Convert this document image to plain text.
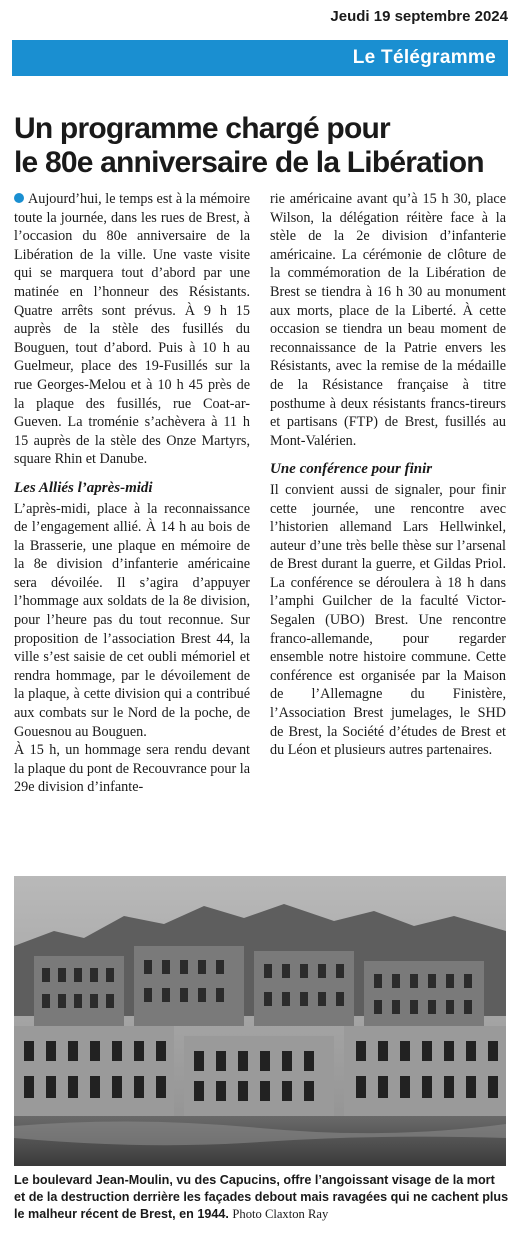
Jeudi 19 septembre 2024
Le Télégramme
Un programme chargé pour
le 80e anniversaire de la Libération

Aujourd’hui, le temps est à la mémoire toute la journée, dans les rues de Brest, à l’occasion du 80e anniversaire de la Libération de la ville. Une vaste visite qui se marquera tout d’abord par une matinée en l’honneur des Résistants. Quatre arrêts sont prévus. À 9 h 15 auprès de la stèle des fusillés du Bouguen, tout d’abord. Puis à 10 h au Guelmeur, place des 19-Fusillés sur la rue Georges-Melou et à 10 h 45 près de la plaque des fusillés, rue Coat-ar-Gueven. La troménie s’achèvera à 11 h 15 auprès de la stèle des Onze Martyrs, square Rhin et Danube.

Les Alliés l’après-midi

L’après-midi, place à la reconnaissance de l’engagement allié. À 14 h au bois de la Brasserie, une plaque en mémoire de la 8e division d’infanterie américaine sera dévoilée. Il s’agira d’appuyer l’hommage aux soldats de la 8e division, pour l’heure pas du tout reconnue. Sur proposition de l’association Brest 44, la ville s’est saisie de cet oubli mémoriel et rendra hommage, par le dévoilement de la plaque, à cette division qui a contribué aux combats sur le Nord de la poche, de Gouesnou au Bouguen.

À 15 h, un hommage sera rendu devant la plaque du pont de Recouvrance pour la 29e division d’infante-

rie américaine avant qu’à 15 h 30, place Wilson, la délégation réitère face à la stèle de la 2e division d’infanterie américaine. La cérémonie de clôture de la commémoration de la Libération de Brest se tiendra à 16 h 30 au monument aux morts, place de la Liberté. À cette occasion se tiendra un beau moment de reconnaissance de la Patrie envers les Résistants, avec la remise de la médaille de la Résistance française à titre posthume à deux résistants francs-tireurs et partisans (FTP) de Brest, fusillés au Mont-Valérien.

Une conférence pour finir

Il convient aussi de signaler, pour finir cette journée, une rencontre avec l’historien allemand Lars Hellwinkel, auteur d’une très belle thèse sur l’arsenal de Brest durant la guerre, et Gildas Priol. La conférence se déroulera à 18 h dans l’amphi Guilcher de la faculté Victor-Segalen (UBO) Brest. Une rencontre franco-allemande, pour regarder ensemble notre histoire commune. Cette conférence est organisée par la Maison de l’Allemagne du Finistère, l’Association Brest jumelages, le SHD de Brest, la Société d’études de Brest et du Léon et plusieurs autres partenaires.

Le boulevard Jean-Moulin, vu des Capucins, offre l’angoissant visage de la mort et de la destruction derrière les façades debout mais ravagées qui ne cachent plus le malheur récent de Brest, en 1944. Photo Claxton Ray
